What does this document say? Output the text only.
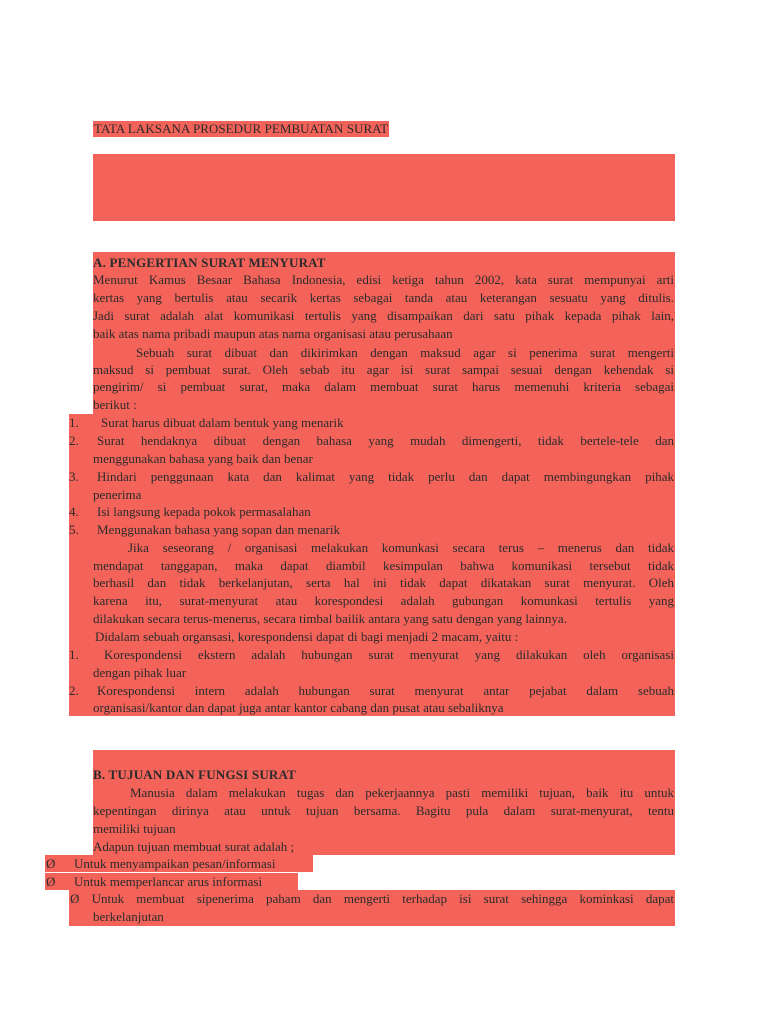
TATA LAKSANA PROSEDUR PEMBUATAN SURAT
A. PENGERTIAN SURAT MENYURAT
Menurut Kamus Besaar Bahasa Indonesia, edisi ketiga tahun 2002, kata surat mempunyai arti
kertas yang bertulis atau secarik kertas sebagai tanda atau keterangan sesuatu yang ditulis.
Jadi surat adalah alat komunikasi tertulis yang disampaikan dari satu pihak kepada pihak lain,
baik atas nama pribadi maupun atas nama organisasi atau perusahaan
Sebuah surat dibuat dan dikirimkan dengan maksud agar si penerima surat mengerti
maksud si pembuat surat. Oleh sebab itu agar isi surat sampai sesuai dengan kehendak si
pengirim/ si pembuat surat, maka dalam membuat surat harus memenuhi kriteria sebagai
berikut :
1.	Surat harus dibuat dalam bentuk yang menarik
2.	Surat hendaknya dibuat dengan bahasa yang mudah dimengerti, tidak bertele-tele dan
menggunakan bahasa yang baik dan benar
3.	Hindari penggunaan kata dan kalimat yang tidak perlu dan dapat membingungkan pihak
penerima
4.	Isi langsung kepada pokok permasalahan
5.	Menggunakan bahasa yang sopan dan menarik
Jika seseorang / organisasi melakukan komunkasi secara terus – menerus dan tidak
mendapat tanggapan, maka dapat diambil kesimpulan bahwa komunikasi tersebut tidak
berhasil dan tidak berkelanjutan, serta hal ini tidak dapat dikatakan surat menyurat. Oleh
karena itu, surat-menyurat atau korespondesi adalah gubungan komunkasi tertulis yang
dilakukan secara terus-menerus, secara timbal bailik antara yang satu dengan yang lainnya.
Didalam sebuah organsasi, korespondensi dapat di bagi menjadi 2 macam, yaitu :
1.	Korespondensi ekstern adalah hubungan surat menyurat yang dilakukan oleh organisasi
dengan pihak luar
2.	Korespondensi intern adalah hubungan surat menyurat antar pejabat dalam sebuah
organisasi/kantor dan dapat juga antar kantor cabang dan pusat atau sebaliknya
B. TUJUAN DAN FUNGSI SURAT
Manusia dalam melakukan tugas dan pekerjaannya pasti memiliki tujuan, baik itu untuk
kepentingan dirinya atau untuk tujuan bersama. Bagitu pula dalam surat-menyurat, tentu
memiliki tujuan
Adapun tujuan membuat surat adalah ;
Ø	Untuk menyampaikan pesan/informasi
Ø	Untuk memperlancar arus informasi
Ø Untuk membuat sipenerima paham dan mengerti terhadap isi surat sehingga kominkasi dapat
berkelanjutan
